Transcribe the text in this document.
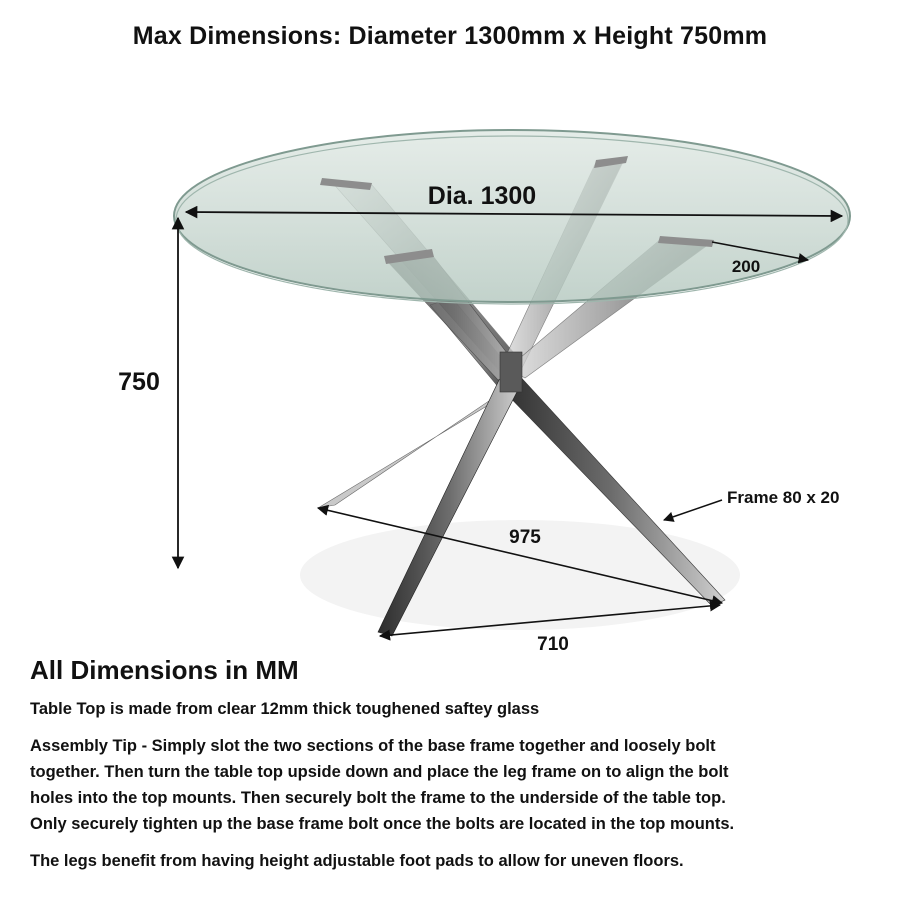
Max Dimensions: Diameter 1300mm x Height 750mm
Dia. 1300
200
750
Frame 80 x 20
975
710
All Dimensions in MM

Table Top is made from clear 12mm thick toughened saftey glass

Assembly Tip - Simply slot the two sections of the base frame together and loosely bolt
together. Then turn the table top upside down and place the leg frame on to align the bolt
holes into the top mounts. Then securely bolt the frame to the underside of the table top.
Only securely tighten up the base frame bolt once the bolts are located in the top mounts.

The legs benefit from having height adjustable foot pads to allow for uneven floors.
